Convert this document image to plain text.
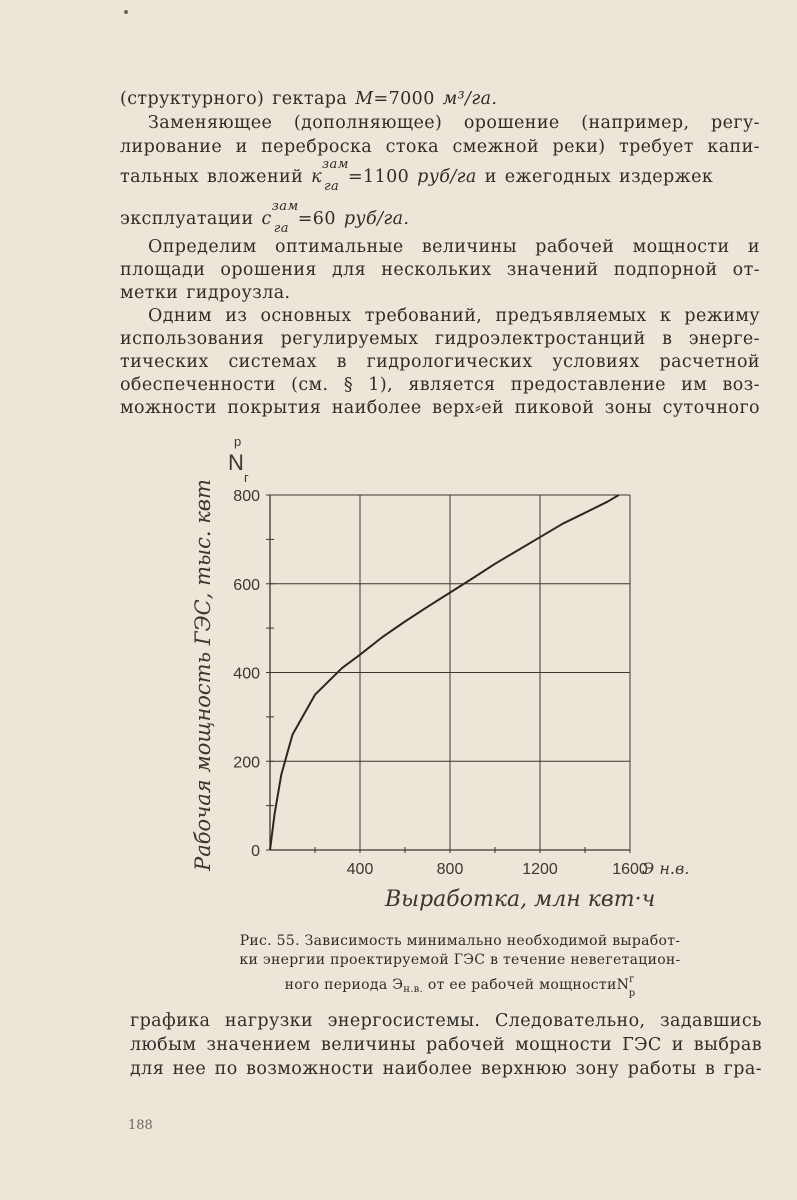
(структурного) гектара M=7000 м³/га.
Заменяющее (дополняющее) орошение (например, регу-
лирование и переброска стока смежной реки) требует капи-
тальных вложений к
зам
га =1100 руб/га и ежегодных издержек
эксплуатации с
зам
га =60 руб/га.
Определим оптимальные величины рабочей мощности и
площади орошения для нескольких значений подпорной от-
метки гидроузла.
Одним из основных требований, предъявляемых к режиму
использования регулируемых гидроэлектростанций в энерге-
тических системах в гидрологических условиях расчетной
обеспеченности (см. § 1), является предоставление им воз-
можности покрытия наиболее верх⸗ей пиковой зоны суточного
400	800	1200	1600
0
200
400
600
800
Выработка, млн квт·ч
Э н.в.
Рабочая мощность ГЭС, тыс. квт
N
p
г
Рис. 55. Зависимость минимально необходимой выработ-
ки энергии проектируемой ГЭС в течение невегетацион-
ного периода $Э_{н.в.}$ от ее рабочей мощностиN$^г_р$
графика нагрузки энергосистемы. Следовательно, задавшись
любым значением величины рабочей мощности ГЭС и выбрав
для нее по возможности наиболее верхнюю зону работы в гра-
188
